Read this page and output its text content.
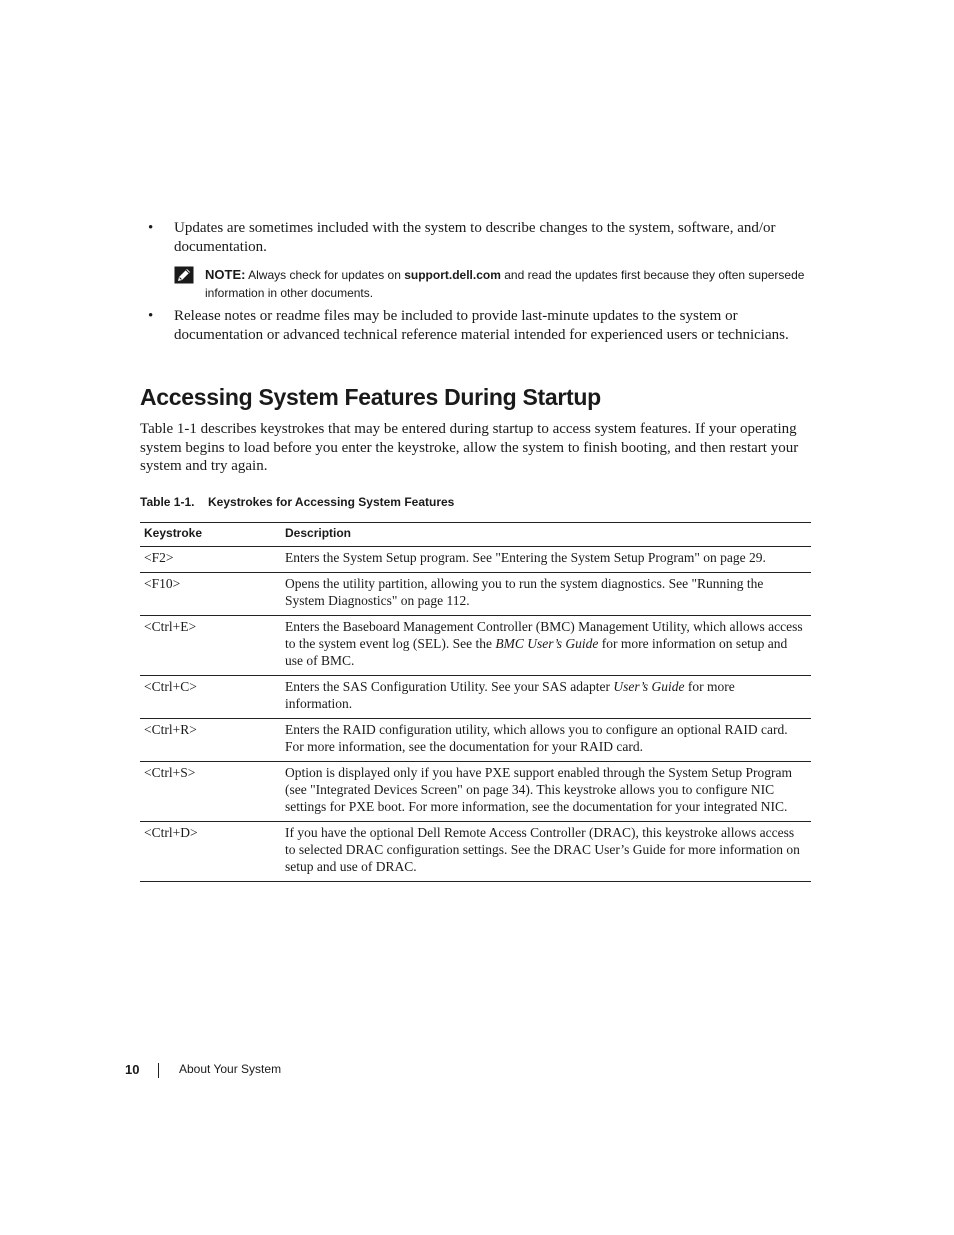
•	Updates are sometimes included with the system to describe changes to the system, software, and/or documentation.
NOTE: Always check for updates on support.dell.com and read the updates first because they often supersede information in other documents.
•	Release notes or readme files may be included to provide last-minute updates to the system or documentation or advanced technical reference material intended for experienced users or technicians.
Accessing System Features During Startup

Table 1-1 describes keystrokes that may be entered during startup to access system features. If your operating system begins to load before you enter the keystroke, allow the system to finish booting, and then restart your system and try again.

Table 1-1. Keystrokes for Accessing System Features
Keystroke	Description
<F2>	Enters the System Setup program. See "Entering the System Setup Program" on page 29.
<F10>	Opens the utility partition, allowing you to run the system diagnostics. See "Running the System Diagnostics" on page 112.
<Ctrl+E>	Enters the Baseboard Management Controller (BMC) Management Utility, which allows access to the system event log (SEL). See the BMC User’s Guide for more information on setup and use of BMC.
<Ctrl+C>	Enters the SAS Configuration Utility. See your SAS adapter User’s Guide for more information.
<Ctrl+R>	Enters the RAID configuration utility, which allows you to configure an optional RAID card. For more information, see the documentation for your RAID card.
<Ctrl+S>	Option is displayed only if you have PXE support enabled through the System Setup Program (see "Integrated Devices Screen" on page 34). This keystroke allows you to configure NIC settings for PXE boot. For more information, see the documentation for your integrated NIC.
<Ctrl+D>	If you have the optional Dell Remote Access Controller (DRAC), this keystroke allows access to selected DRAC configuration settings. See the DRAC User’s Guide for more information on setup and use of DRAC.
10	About Your System
